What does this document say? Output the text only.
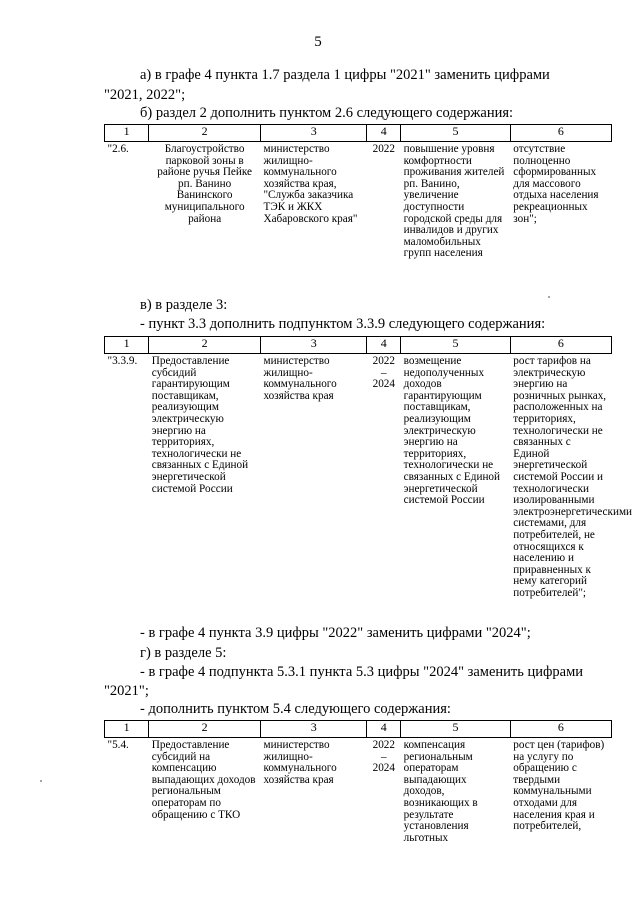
5
а) в графе 4 пункта 1.7 раздела 1 цифры "2021" заменить цифрами
"2021, 2022";
б) раздел 2 дополнить пунктом 2.6 следующего содержания:
1	2	3	4	5	6
"2.6.	Благоустройство парковой зоны в районе ручья Пейке рп. Ванино Ванинского муниципального района	министерство жилищно-коммунального хозяйства края, "Служба заказчика ТЭК и ЖКХ Хабаровского края"	2022	повышение уровня комфортности проживания жителей рп. Ванино, увеличение доступности городской среды для инвалидов и других маломобильных групп населения	отсутствие полноценно сформированных для массового отдыха населения рекреационных зон";
в) в разделе 3:
- пункт 3.3 дополнить подпунктом 3.3.9 следующего содержания:
1	2	3	4	5	6
"3.3.9.	Предоставление субсидий гарантирующим поставщикам, реализующим электрическую энергию на территориях, технологически не связанных с Единой энергетической системой России	министерство жилищно-коммунального хозяйства края	2022 – 2024	возмещение недополученных доходов гарантирующим поставщикам, реализующим электрическую энергию на территориях, технологически не связанных с Единой энергетической системой России	рост тарифов на электрическую энергию на розничных рынках, расположенных на территориях, технологически не связанных с Единой энергетической системой России и технологически изолированными электроэнергетическими системами, для потребителей, не относящихся к населению и приравненных к нему категорий потребителей";
- в графе 4 пункта 3.9 цифры "2022" заменить цифрами "2024";
г) в разделе 5:
- в графе 4 подпункта 5.3.1 пункта 5.3 цифры "2024" заменить цифрами
"2021";
- дополнить пунктом 5.4 следующего содержания:
1	2	3	4	5	6
"5.4.	Предоставление субсидий на компенсацию выпадающих доходов региональным операторам по обращению с ТКО	министерство жилищно-коммунального хозяйства края	2022 – 2024	компенсация региональным операторам выпадающих доходов, возникающих в результате установления льготных	рост цен (тарифов) на услугу по обращению с твердыми коммунальными отходами для населения края и потребителей,
